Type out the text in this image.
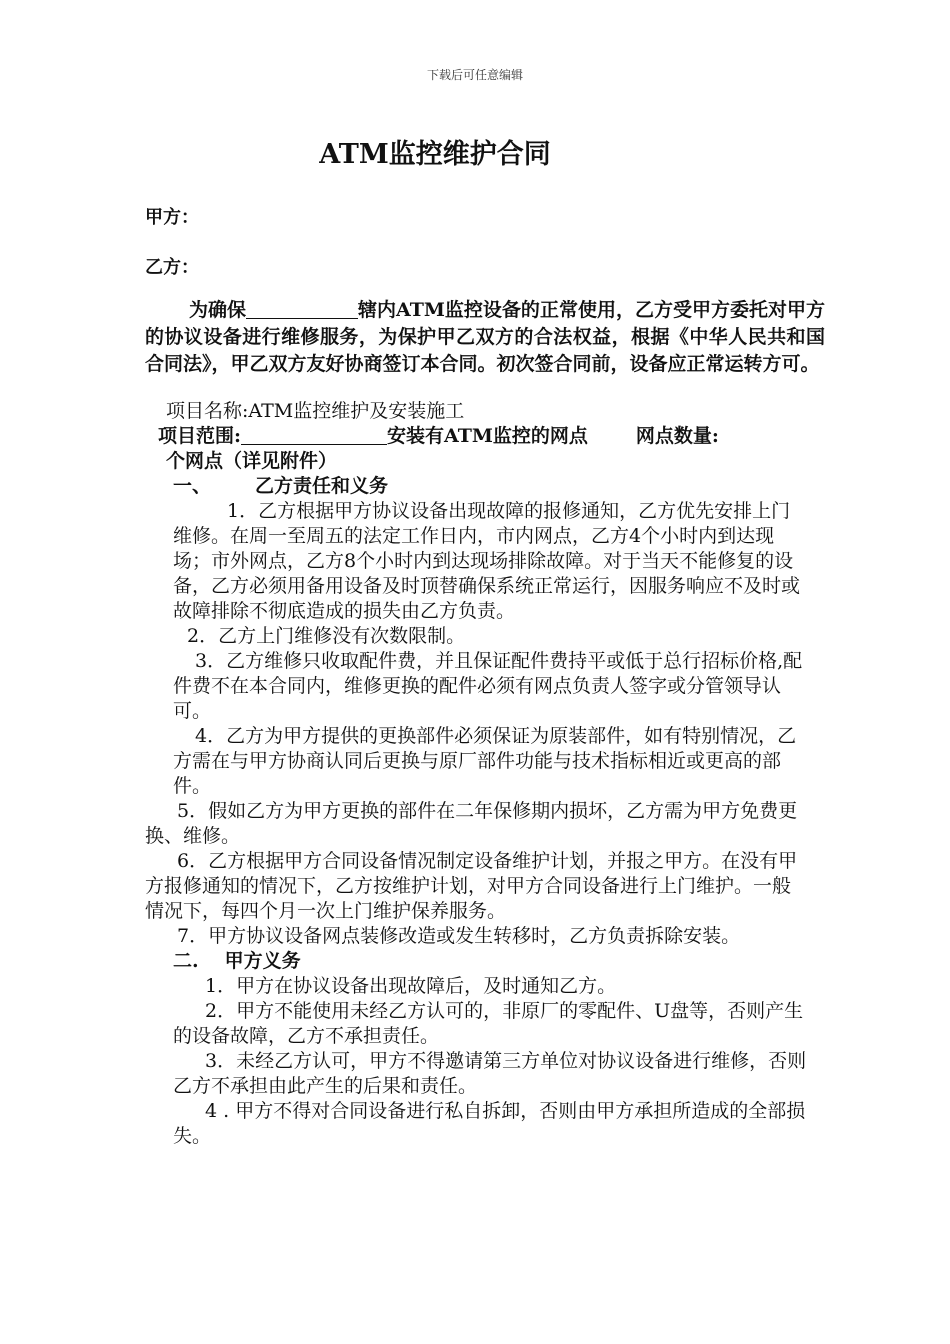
下载后可任意编辑
ATM监控维护合同
甲方：
乙方：
为确保	辖内ATM监控设备的正常使用，乙方受甲方委托对甲方的协议设备进行维修服务，为保护甲乙双方的合法权益，根据《中华人民共和国合同法》，甲乙双方友好协商签订本合同。初次签合同前，设备应正常运转方可。
项目名称:ATM监控维护及安装施工
项目范围:	安装有ATM监控的网点	网点数量:
个网点（详见附件）
一、 乙方责任和义务

1．乙方根据甲方协议设备出现故障的报修通知，乙方优先安排上门维修。在周一至周五的法定工作日内，市内网点，乙方4个小时内到达现场；市外网点，乙方8个小时内到达现场排除故障。对于当天不能修复的设备，乙方必须用备用设备及时顶替确保系统正常运行，因服务响应不及时或故障排除不彻底造成的损失由乙方负责。

2．乙方上门维修没有次数限制。

3．乙方维修只收取配件费，并且保证配件费持平或低于总行招标价格,配件费不在本合同内，维修更换的配件必须有网点负责人签字或分管领导认可。

4．乙方为甲方提供的更换部件必须保证为原装部件，如有特别情况，乙方需在与甲方协商认同后更换与原厂部件功能与技术指标相近或更高的部件。

5．假如乙方为甲方更换的部件在二年保修期内损坏，乙方需为甲方免费更换、维修。

6．乙方根据甲方合同设备情况制定设备维护计划，并报之甲方。在没有甲方报修通知的情况下，乙方按维护计划，对甲方合同设备进行上门维护。一般情况下，每四个月一次上门维护保养服务。

7．甲方协议设备网点装修改造或发生转移时，乙方负责拆除安装。

二. 甲方义务

1．甲方在协议设备出现故障后，及时通知乙方。

2．甲方不能使用未经乙方认可的，非原厂的零配件、U盘等，否则产生的设备故障，乙方不承担责任。

3．未经乙方认可，甲方不得邀请第三方单位对协议设备进行维修，否则乙方不承担由此产生的后果和责任。

4 . 甲方不得对合同设备进行私自拆卸，否则由甲方承担所造成的全部损失。
